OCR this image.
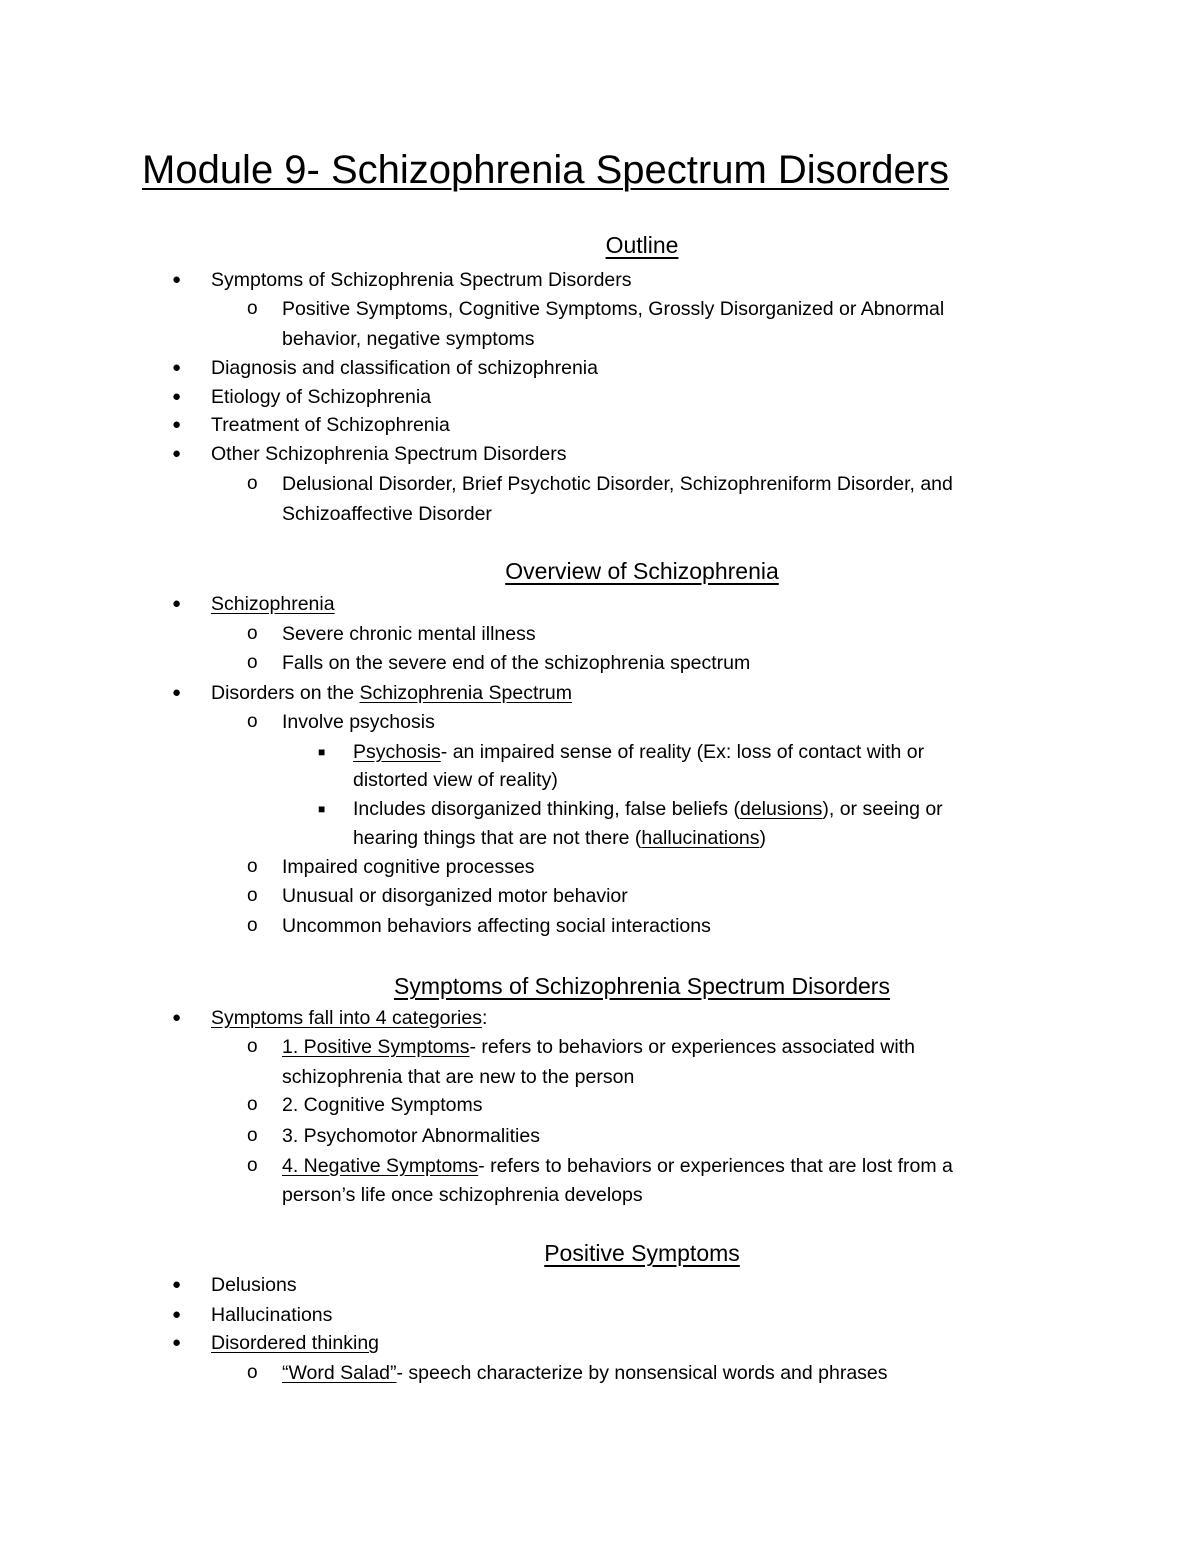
Module 9- Schizophrenia Spectrum Disorders
Outline
● Symptoms of Schizophrenia Spectrum Disorders
o Positive Symptoms, Cognitive Symptoms, Grossly Disorganized or Abnormal
behavior, negative symptoms
● Diagnosis and classification of schizophrenia
● Etiology of Schizophrenia
● Treatment of Schizophrenia
● Other Schizophrenia Spectrum Disorders
o Delusional Disorder, Brief Psychotic Disorder, Schizophreniform Disorder, and
Schizoaffective Disorder
Overview of Schizophrenia
● Schizophrenia
o Severe chronic mental illness
o Falls on the severe end of the schizophrenia spectrum
● Disorders on the Schizophrenia Spectrum
o Involve psychosis
■ Psychosis- an impaired sense of reality (Ex: loss of contact with or
distorted view of reality)
■ Includes disorganized thinking, false beliefs (delusions), or seeing or
hearing things that are not there (hallucinations)
o Impaired cognitive processes
o Unusual or disorganized motor behavior
o Uncommon behaviors affecting social interactions
Symptoms of Schizophrenia Spectrum Disorders
● Symptoms fall into 4 categories:
o 1. Positive Symptoms- refers to behaviors or experiences associated with
schizophrenia that are new to the person
o 2. Cognitive Symptoms
o 3. Psychomotor Abnormalities
o 4. Negative Symptoms- refers to behaviors or experiences that are lost from a
person’s life once schizophrenia develops
Positive Symptoms
● Delusions
● Hallucinations
● Disordered thinking
o “Word Salad”- speech characterize by nonsensical words and phrases
